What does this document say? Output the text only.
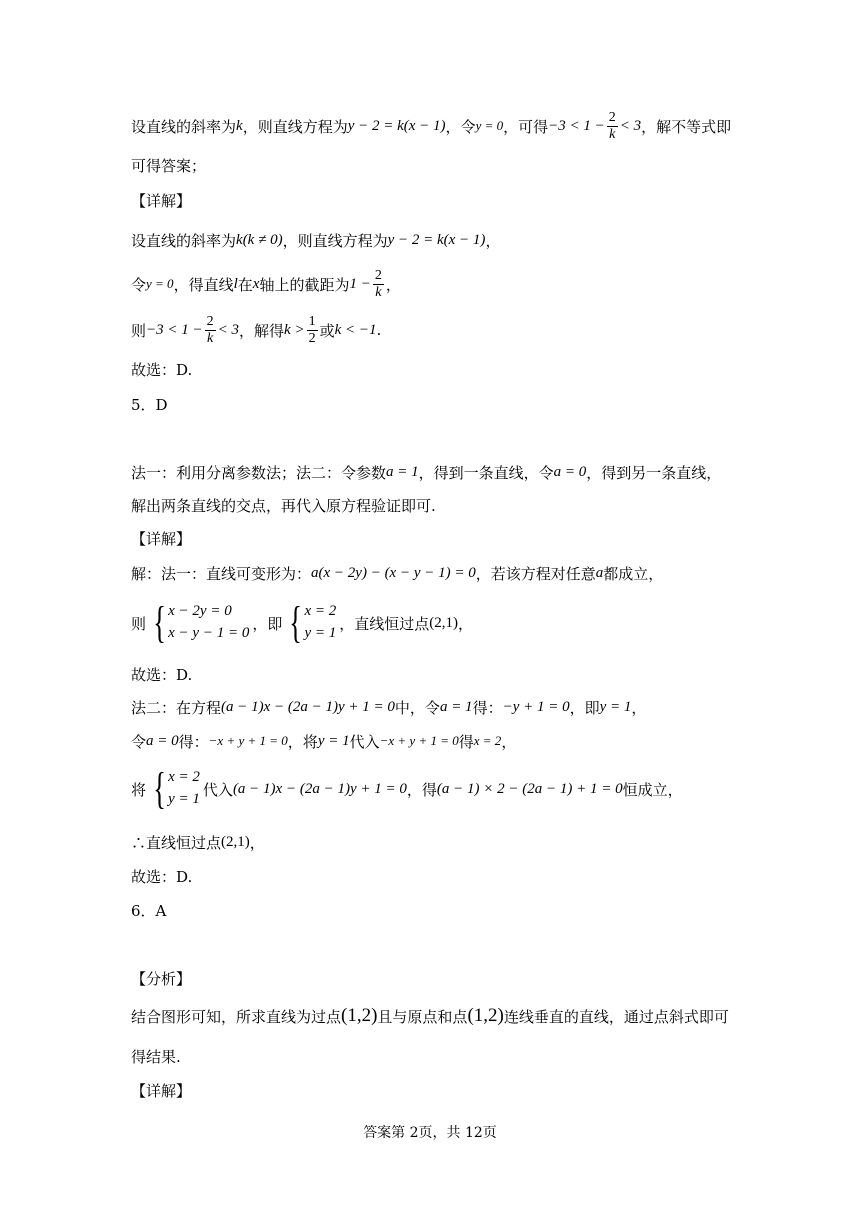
设直线的斜率为 k ，则直线方程为 y − 2 = k(x − 1) ，令 y = 0 ，可得 $-3 < 1 - \frac{2}{k} < 3$ ，解不等式即
可得答案；
【详解】
设直线的斜率为 k (k ≠ 0) ，则直线方程为 y − 2 = k(x − 1) ，
令 y = 0 ，得直线 l 在 x 轴上的截距为 $1 - \frac{2}{k}$ ，
则 $-3 < 1 - \frac{2}{k} < 3$ ，解得 $k > \frac{1}{2}$ 或 k < −1 .
故选：D.
5．D
法一：利用分离参数法；法二：令参数 a = 1 ，得到一条直线，令 a = 0 ，得到另一条直线，
解出两条直线的交点，再代入原方程验证即可.
【详解】
解：法一：直线可变形为： a(x − 2y) − (x − y − 1) = 0 ，若该方程对任意 a 都成立，
则 { x − 2y = 0
x − y − 1 = 0
，即 { x = 2
y = 1
，直线恒过点 (2,1) ，
故选：D.
法二：在方程 (a − 1)x − (2a − 1)y + 1 = 0 中，令 a = 1 得： −y + 1 = 0 ，即 y = 1 ，
令 a = 0 得： −x + y + 1 = 0 ，将 y = 1 代入 −x + y + 1 = 0 得 x = 2 ，
将 { x = 2
y = 1
代入 (a − 1)x − (2a − 1)y + 1 = 0 ，得 (a − 1) × 2 − (2a − 1) + 1 = 0 恒成立，
∴直线恒过点 (2,1) ，
故选：D.
6．A
【分析】
结合图形可知，所求直线为过点 (1,2) 且与原点和点 (1,2) 连线垂直的直线，通过点斜式即可
得结果.
【详解】
答案第 2页，共 12页
